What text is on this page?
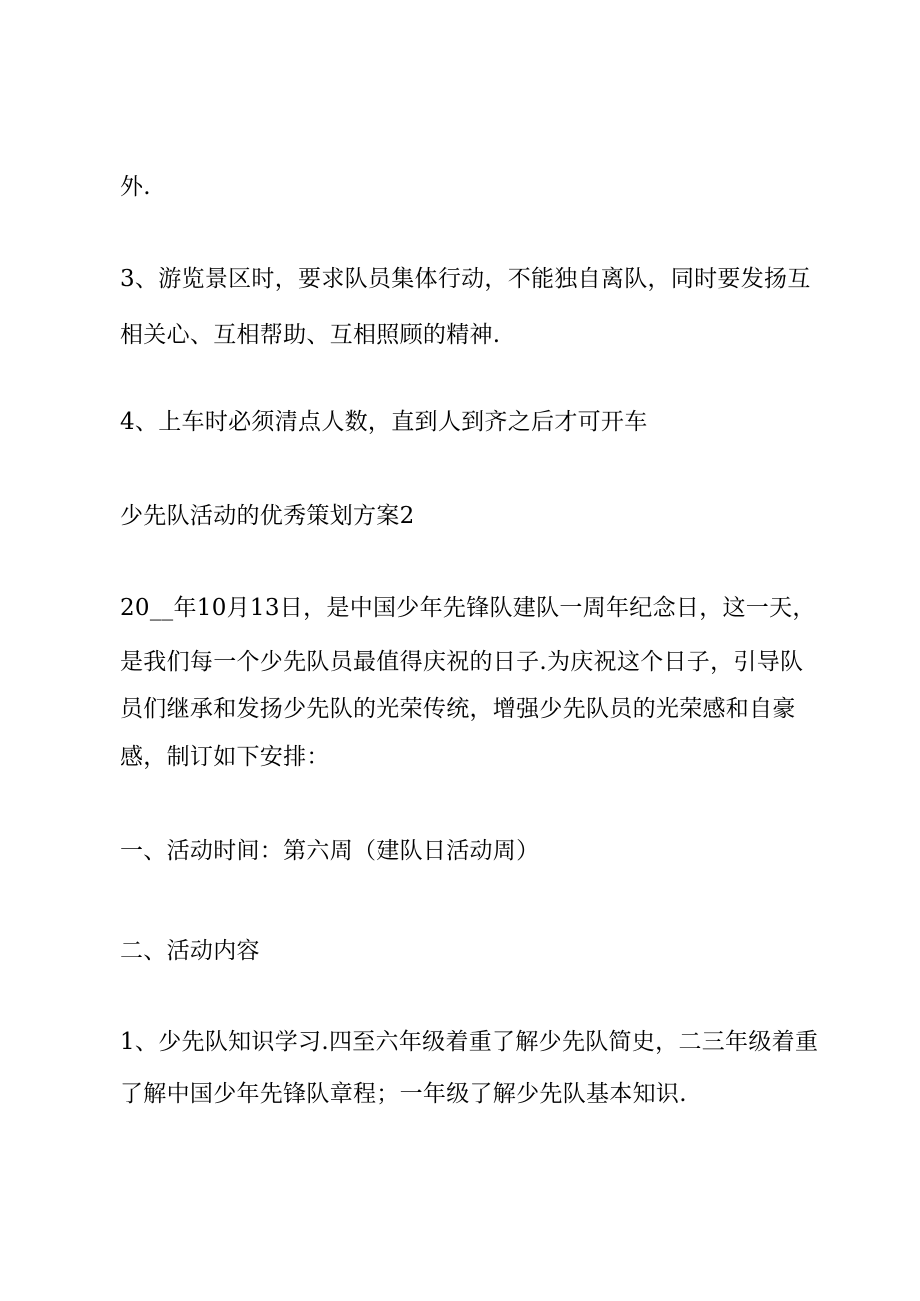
外.
3、游览景区时，要求队员集体行动，不能独自离队，同时要发扬互
相关心、互相帮助、互相照顾的精神.
4、上车时必须清点人数，直到人到齐之后才可开车
少先队活动的优秀策划方案2
20__年10月13日，是中国少年先锋队建队一周年纪念日，这一天，
是我们每一个少先队员最值得庆祝的日子.为庆祝这个日子，引导队
员们继承和发扬少先队的光荣传统，增强少先队员的光荣感和自豪
感，制订如下安排：
一、活动时间：第六周（建队日活动周）
二、活动内容
1、少先队知识学习.四至六年级着重了解少先队简史，二三年级着重
了解中国少年先锋队章程；一年级了解少先队基本知识.
